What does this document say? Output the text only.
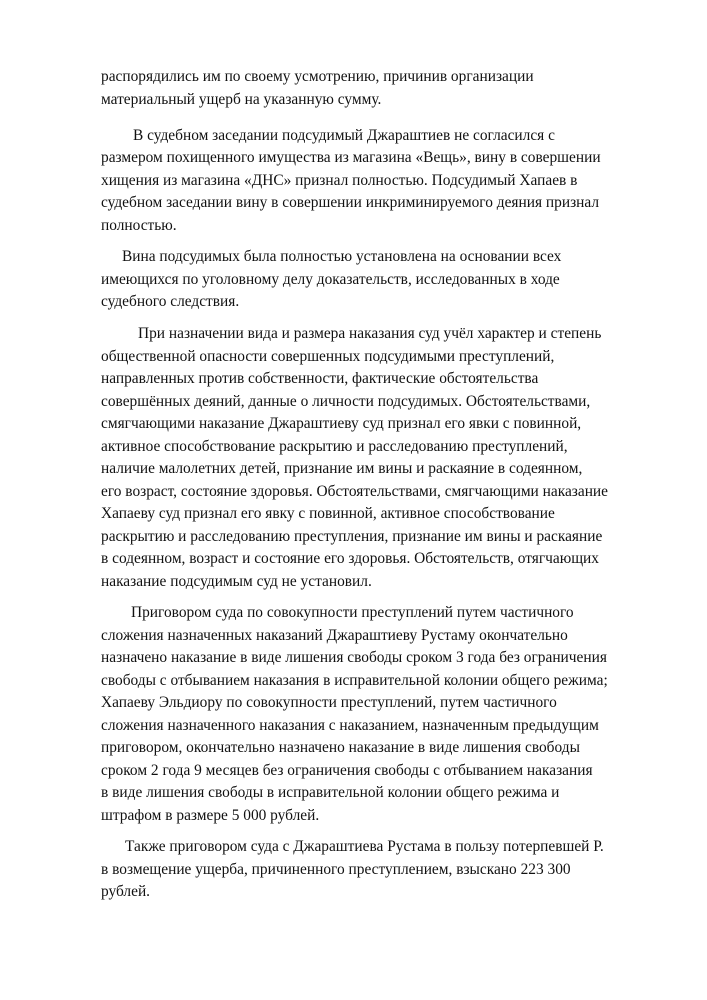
распорядились им по своему усмотрению, причинив организации

материальный ущерб на указанную сумму.

В судебном заседании подсудимый Джараштиев не согласился с

размером похищенного имущества из магазина «Вещь», вину в совершении

хищения из магазина «ДНС» признал полностью. Подсудимый Хапаев в

судебном заседании вину в совершении инкриминируемого деяния признал

полностью.

Вина подсудимых была полностью установлена на основании всех

имеющихся по уголовному делу доказательств, исследованных в ходе

судебного следствия.

При назначении вида и размера наказания суд учёл характер и степень

общественной опасности совершенных подсудимыми преступлений,

направленных против собственности, фактические обстоятельства

совершённых деяний, данные о личности подсудимых. Обстоятельствами,

смягчающими наказание Джараштиеву суд признал его явки с повинной,

активное способствование раскрытию и расследованию преступлений,

наличие малолетних детей, признание им вины и раскаяние в содеянном,

его возраст, состояние здоровья. Обстоятельствами, смягчающими наказание

Хапаеву суд признал его явку с повинной, активное способствование

раскрытию и расследованию преступления, признание им вины и раскаяние

в содеянном, возраст и состояние его здоровья. Обстоятельств, отягчающих

наказание подсудимым суд не установил.

Приговором суда по совокупности преступлений путем частичного

сложения назначенных наказаний Джараштиеву Рустаму окончательно

назначено наказание в виде лишения свободы сроком 3 года без ограничения

свободы с отбыванием наказания в исправительной колонии общего режима;

Хапаеву Эльдиору по совокупности преступлений, путем частичного

сложения назначенного наказания с наказанием, назначенным предыдущим

приговором, окончательно назначено наказание в виде лишения свободы

сроком 2 года 9 месяцев без ограничения свободы с отбыванием наказания

в виде лишения свободы в исправительной колонии общего режима и

штрафом в размере 5 000 рублей.

Также приговором суда с Джараштиева Рустама в пользу потерпевшей Р.

в возмещение ущерба, причиненного преступлением, взыскано 223 300

рублей.
